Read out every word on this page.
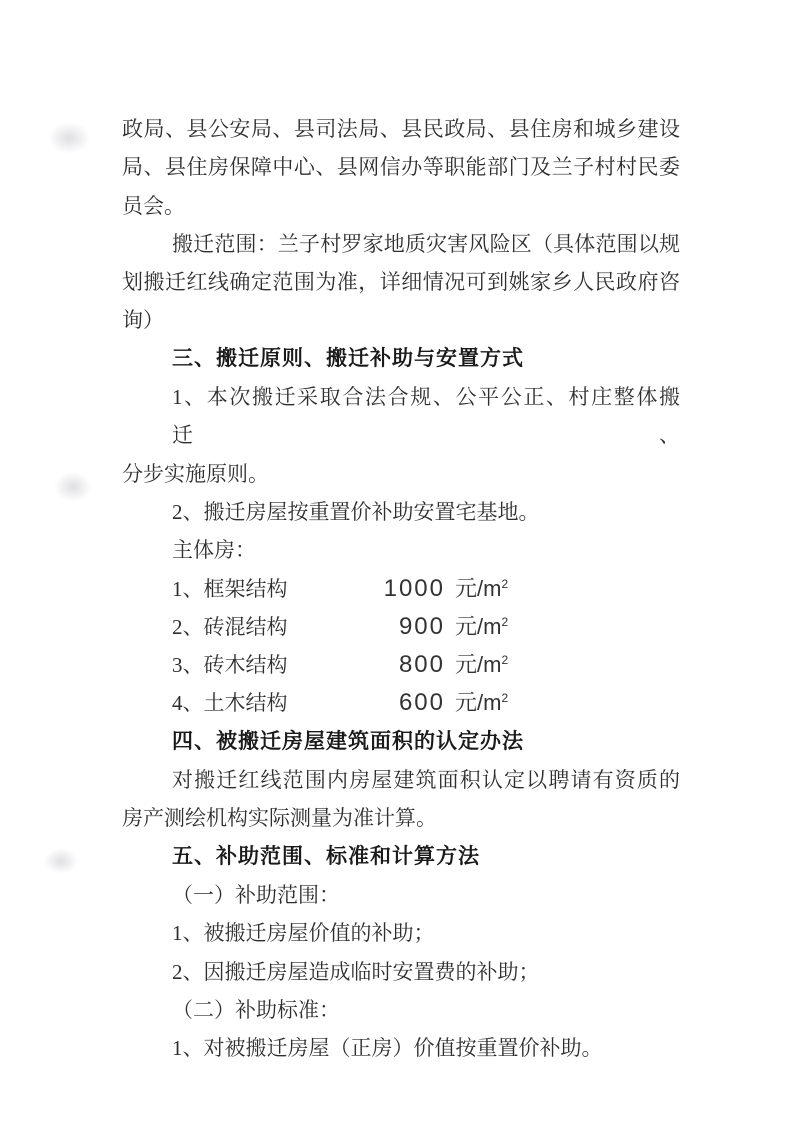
政局、县公安局、县司法局、县民政局、县住房和城乡建设

局、县住房保障中心、县网信办等职能部门及兰子村村民委

员会。

搬迁范围：兰子村罗家地质灾害风险区（具体范围以规

划搬迁红线确定范围为准，详细情况可到姚家乡人民政府咨

询）

三、搬迁原则、搬迁补助与安置方式

1、本次搬迁采取合法合规、公平公正、村庄整体搬迁、

分步实施原则。

2、搬迁房屋按重置价补助安置宅基地。

主体房：

1、框架结构	1000 元$/m^2$
2、砖混结构	900 元$/m^2$
3、砖木结构	800 元$/m^2$
4、土木结构	600 元$/m^2$

四、被搬迁房屋建筑面积的认定办法

对搬迁红线范围内房屋建筑面积认定以聘请有资质的

房产测绘机构实际测量为准计算。

五、补助范围、标准和计算方法

（一）补助范围：

1、被搬迁房屋价值的补助；

2、因搬迁房屋造成临时安置费的补助；

（二）补助标准：

1、对被搬迁房屋（正房）价值按重置价补助。
